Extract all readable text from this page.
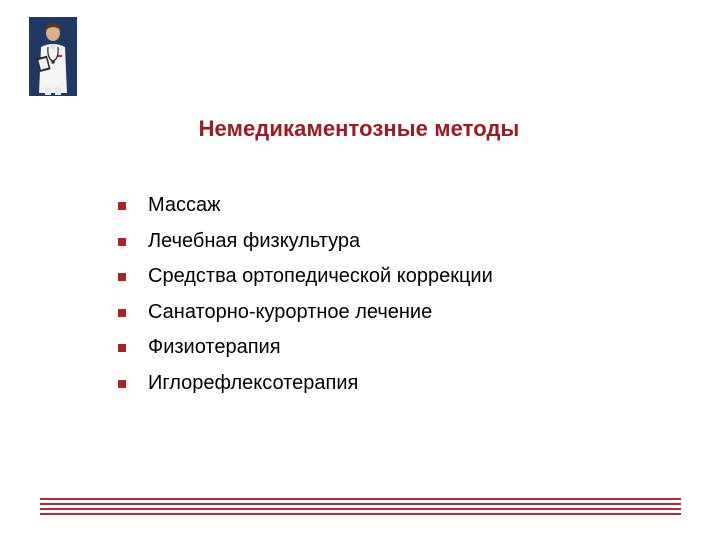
Немедикаментозные методы
Массаж
Лечебная физкультура
Средства ортопедической коррекции
Санаторно-курортное лечение
Физиотерапия
Иглорефлексотерапия
